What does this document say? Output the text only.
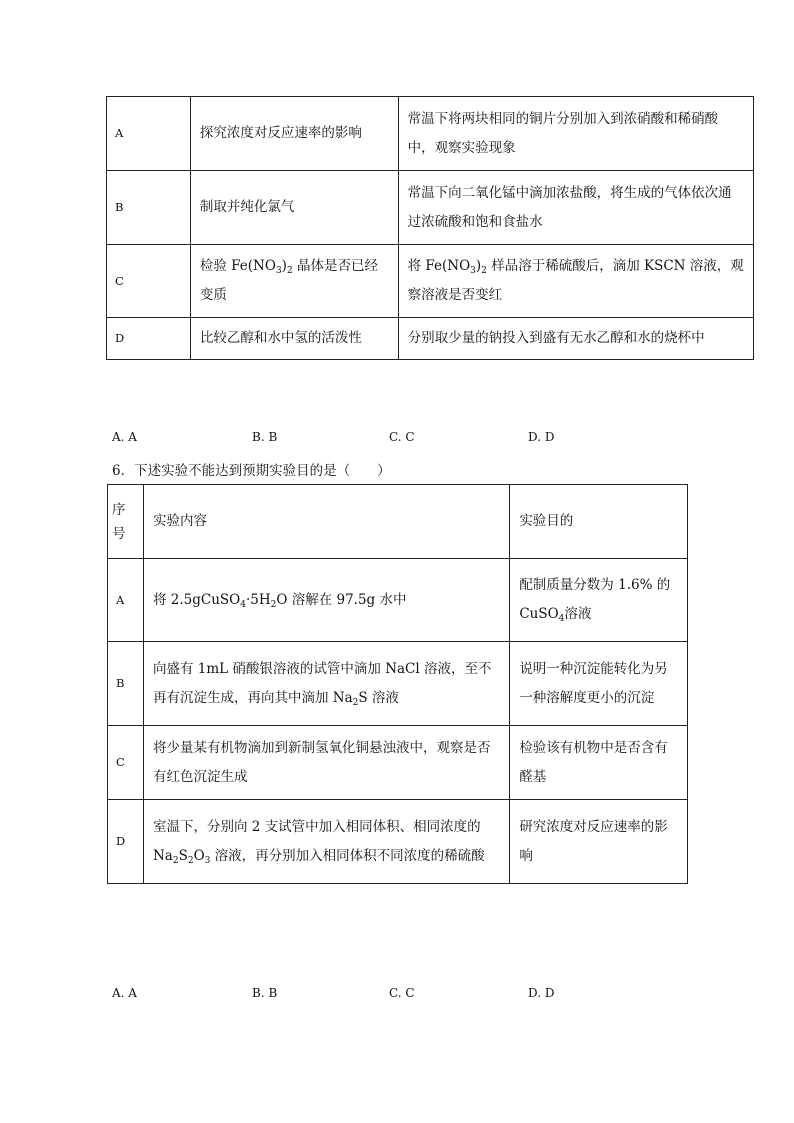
A	探究浓度对反应速率的影响	常温下将两块相同的铜片分别加入到浓硝酸和稀硝酸中，观察实验现象
B	制取并纯化氯气	常温下向二氧化锰中滴加浓盐酸，将生成的气体依次通过浓硫酸和饱和食盐水
C	检验 $Fe(NO_3)_2$ 晶体是否已经变质	将 $Fe(NO_3)_2$ 样品溶于稀硫酸后，滴加 KSCN 溶液，观察溶液是否变红
D	比较乙醇和水中氢的活泼性	分别取少量的钠投入到盛有无水乙醇和水的烧杯中
A. A	B. B	C. C	D. D
6．下述实验不能达到预期实验目的是（　　）
序号	实验内容	实验目的
A	将 $2.5gCuSO_4\cdot 5H_2O$ 溶解在 97.5g 水中	配制质量分数为 1.6% 的 CuSO$_4$溶液
B	向盛有 1mL 硝酸银溶液的试管中滴加 NaCl 溶液，至不再有沉淀生成，再向其中滴加 $Na_2S$ 溶液	说明一种沉淀能转化为另一种溶解度更小的沉淀
C	将少量某有机物滴加到新制氢氧化铜悬浊液中，观察是否有红色沉淀生成	检验该有机物中是否含有醛基
D	室温下，分别向 2 支试管中加入相同体积、相同浓度的 $Na_2S_2O_3$ 溶液，再分别加入相同体积不同浓度的稀硫酸	研究浓度对反应速率的影响
A. A	B. B	C. C	D. D
